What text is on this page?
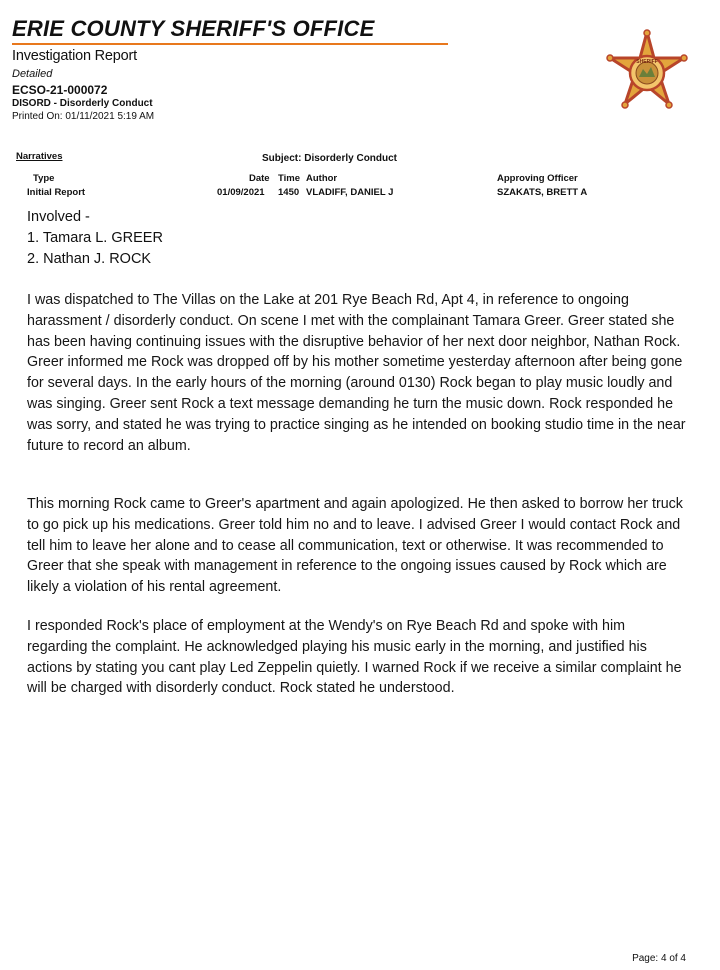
ERIE COUNTY SHERIFF'S OFFICE
Investigation Report
Detailed
ECSO-21-000072
DISORD - Disorderly Conduct
Printed On: 01/11/2021 5:19 AM
SHERIFF
Narratives	Subject: Disorderly Conduct
Type	Date Time Author	Approving Officer
Initial Report	01/09/2021 1450 VLADIFF, DANIEL J	SZAKATS, BRETT A
Involved -
1. Tamara L. GREER
2. Nathan J. ROCK

I was dispatched to The Villas on the Lake at 201 Rye Beach Rd, Apt 4, in reference to ongoing harassment / disorderly conduct. On scene I met with the complainant Tamara Greer. Greer stated she has been having continuing issues with the disruptive behavior of her next door neighbor, Nathan Rock. Greer informed me Rock was dropped off by his mother sometime yesterday afternoon after being gone for several days. In the early hours of the morning (around 0130) Rock began to play music loudly and was singing. Greer sent Rock a text message demanding he turn the music down. Rock responded he was sorry, and stated he was trying to practice singing as he intended on booking studio time in the near future to record an album.

This morning Rock came to Greer's apartment and again apologized. He then asked to borrow her truck to go pick up his medications. Greer told him no and to leave. I advised Greer I would contact Rock and tell him to leave her alone and to cease all communication, text or otherwise. It was recommended to Greer that she speak with management in reference to the ongoing issues caused by Rock which are likely a violation of his rental agreement.

I responded Rock's place of employment at the Wendy's on Rye Beach Rd and spoke with him regarding the complaint. He acknowledged playing his music early in the morning, and justified his actions by stating you cant play Led Zeppelin quietly. I warned Rock if we receive a similar complaint he will be charged with disorderly conduct. Rock stated he understood.

Page: 4 of 4
